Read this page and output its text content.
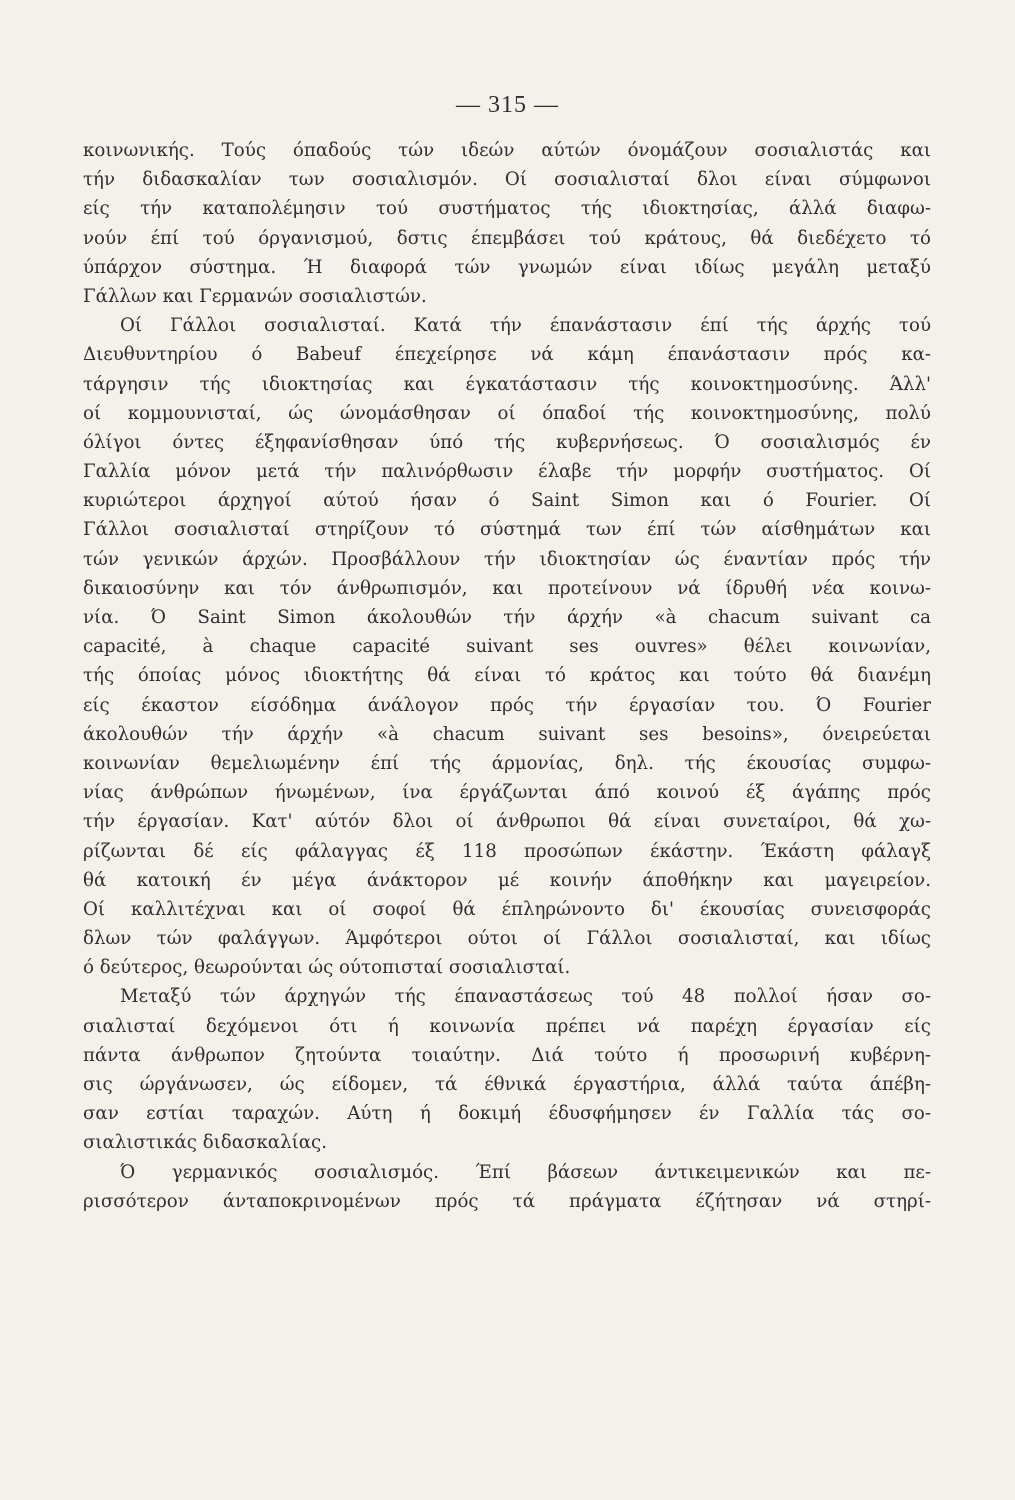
— 315 —
κοινωνικής. Τούς όπαδούς τών ιδεών αύτών όνομάζουν σοσιαλιστάς και
τήν διδασκαλίαν των σοσιαλισμόν. Οί σοσιαλισταί δλοι είναι σύμφωνοι
είς τήν καταπολέμησιν τού συστήματος τής ιδιοκτησίας, άλλά διαφω-
νούν έπί τού όργανισμού, δστις έπεμβάσει τού κράτους, θά διεδέχετο τό
ύπάρχον σύστημα. Ή διαφορά τών γνωμών είναι ιδίως μεγάλη μεταξύ
Γάλλων και Γερμανών σοσιαλιστών.
Οί Γάλλοι σοσιαλισταί. Κατά τήν έπανάστασιν έπί τής άρχής τού
Διευθυντηρίου ό Babeuf έπεχείρησε νά κάμη έπανάστασιν πρός κα-
τάργησιν τής ιδιοκτησίας και έγκατάστασιν τής κοινοκτημοσύνης. Άλλ'
οί κομμουνισταί, ώς ώνομάσθησαν οί όπαδοί τής κοινοκτημοσύνης, πολύ
όλίγοι όντες έξηφανίσθησαν ύπό τής κυβερνήσεως. Ό σοσιαλισμός έν
Γαλλία μόνον μετά τήν παλινόρθωσιν έλαβε τήν μορφήν συστήματος. Οί
κυριώτεροι άρχηγοί αύτού ήσαν ό Saint Simon και ό Fourier. Οί
Γάλλοι σοσιαλισταί στηρίζουν τό σύστημά των έπί τών αίσθημάτων και
τών γενικών άρχών. Προσβάλλουν τήν ιδιοκτησίαν ώς έναντίαν πρός τήν
δικαιοσύνην και τόν άνθρωπισμόν, και προτείνουν νά ίδρυθή νέα κοινω-
νία. Ό Saint Simon άκολουθών τήν άρχήν «à chacum suivant ca
capacité, à chaque capacité suivant ses ouvres» θέλει κοινωνίαν,
τής όποίας μόνος ιδιοκτήτης θά είναι τό κράτος και τούτο θά διανέμη
είς έκαστον είσόδημα άνάλογον πρός τήν έργασίαν του. Ό Fourier
άκολουθών τήν άρχήν «à chacum suivant ses besoins», όνειρεύεται
κοινωνίαν θεμελιωμένην έπί τής άρμονίας, δηλ. τής έκουσίας συμφω-
νίας άνθρώπων ήνωμένων, ίνα έργάζωνται άπό κοινού έξ άγάπης πρός
τήν έργασίαν. Κατ' αύτόν δλοι οί άνθρωποι θά είναι συνεταίροι, θά χω-
ρίζωνται δέ είς φάλαγγας έξ 118 προσώπων έκάστην. Έκάστη φάλαγξ
θά κατοική έν μέγα άνάκτορον μέ κοινήν άποθήκην και μαγειρείον.
Οί καλλιτέχναι και οί σοφοί θά έπληρώνοντο δι' έκουσίας συνεισφοράς
δλων τών φαλάγγων. Άμφότεροι ούτοι οί Γάλλοι σοσιαλισταί, και ιδίως
ό δεύτερος, θεωρούνται ώς ούτοπισταί σοσιαλισταί.
Μεταξύ τών άρχηγών τής έπαναστάσεως τού 48 πολλοί ήσαν σο-
σιαλισταί δεχόμενοι ότι ή κοινωνία πρέπει νά παρέχη έργασίαν είς
πάντα άνθρωπον ζητούντα τοιαύτην. Διά τούτο ή προσωρινή κυβέρνη-
σις ώργάνωσεν, ώς είδομεν, τά έθνικά έργαστήρια, άλλά ταύτα άπέβη-
σαν εστίαι ταραχών. Αύτη ή δοκιμή έδυσφήμησεν έν Γαλλία τάς σο-
σιαλιστικάς διδασκαλίας.
Ό γερμανικός σοσιαλισμός. Έπί βάσεων άντικειμενικών και πε-
ρισσότερον άνταποκρινομένων πρός τά πράγματα έζήτησαν νά στηρί-
